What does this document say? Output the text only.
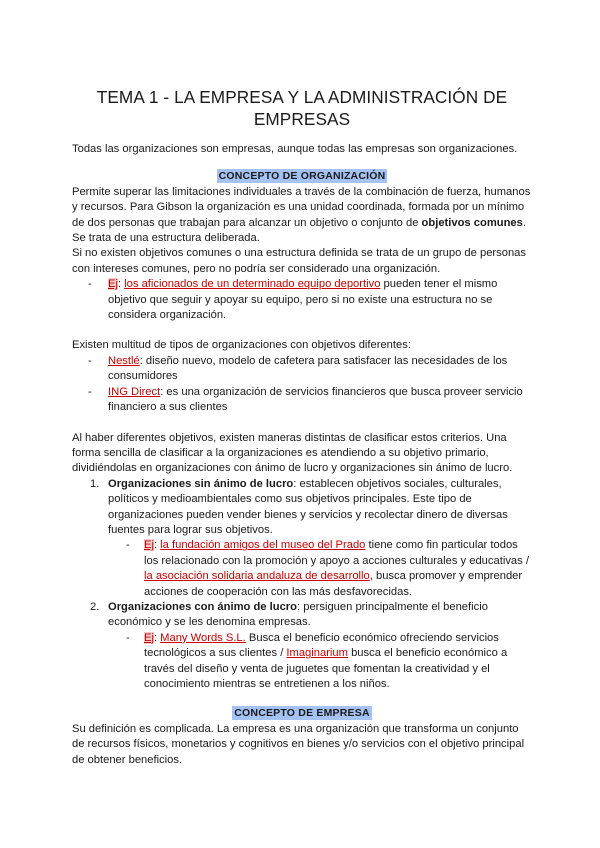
TEMA 1 - LA EMPRESA Y LA ADMINISTRACIÓN DE EMPRESAS

Todas las organizaciones son empresas, aunque todas las empresas son organizaciones.

CONCEPTO DE ORGANIZACIÓN

Permite superar las limitaciones individuales a través de la combinación de fuerza, humanos y recursos. Para Gibson la organización es una unidad coordinada, formada por un mínimo de dos personas que trabajan para alcanzar un objetivo o conjunto de objetivos comunes. Se trata de una estructura deliberada.

Si no existen objetivos comunes o una estructura definida se trata de un grupo de personas con intereses comunes, pero no podría ser considerado una organización.

- Ej: los aficionados de un determinado equipo deportivo pueden tener el mismo objetivo que seguir y apoyar su equipo, pero si no existe una estructura no se considera organización.

Existen multitud de tipos de organizaciones con objetivos diferentes:

- Nestlé: diseño nuevo, modelo de cafetera para satisfacer las necesidades de los consumidores
- ING Direct: es una organización de servicios financieros que busca proveer servicio financiero a sus clientes

Al haber diferentes objetivos, existen maneras distintas de clasificar estos criterios. Una forma sencilla de clasificar a la organizaciones es atendiendo a su objetivo primario, dividiéndolas en organizaciones con ánimo de lucro y organizaciones sin ánimo de lucro.

1. Organizaciones sin ánimo de lucro: establecen objetivos sociales, culturales, políticos y medioambientales como sus objetivos principales. Este tipo de organizaciones pueden vender bienes y servicios y recolectar dinero de diversas fuentes para lograr sus objetivos.
- Ej: la fundación amigos del museo del Prado tiene como fin particular todos los relacionado con la promoción y apoyo a acciones culturales y educativas / la asociación solidaria andaluza de desarrollo, busca promover y emprender acciones de cooperación con las más desfavorecidas.
2. Organizaciones con ánimo de lucro: persiguen principalmente el beneficio económico y se les denomina empresas.
- Ej: Many Words S.L. Busca el beneficio económico ofreciendo servicios tecnológicos a sus clientes / Imaginarium busca el beneficio económico a través del diseño y venta de juguetes que fomentan la creatividad y el conocimiento mientras se entretienen a los niños.
CONCEPTO DE EMPRESA

Su definición es complicada. La empresa es una organización que transforma un conjunto de recursos físicos, monetarios y cognitivos en bienes y/o servicios con el objetivo principal de obtener beneficios.
